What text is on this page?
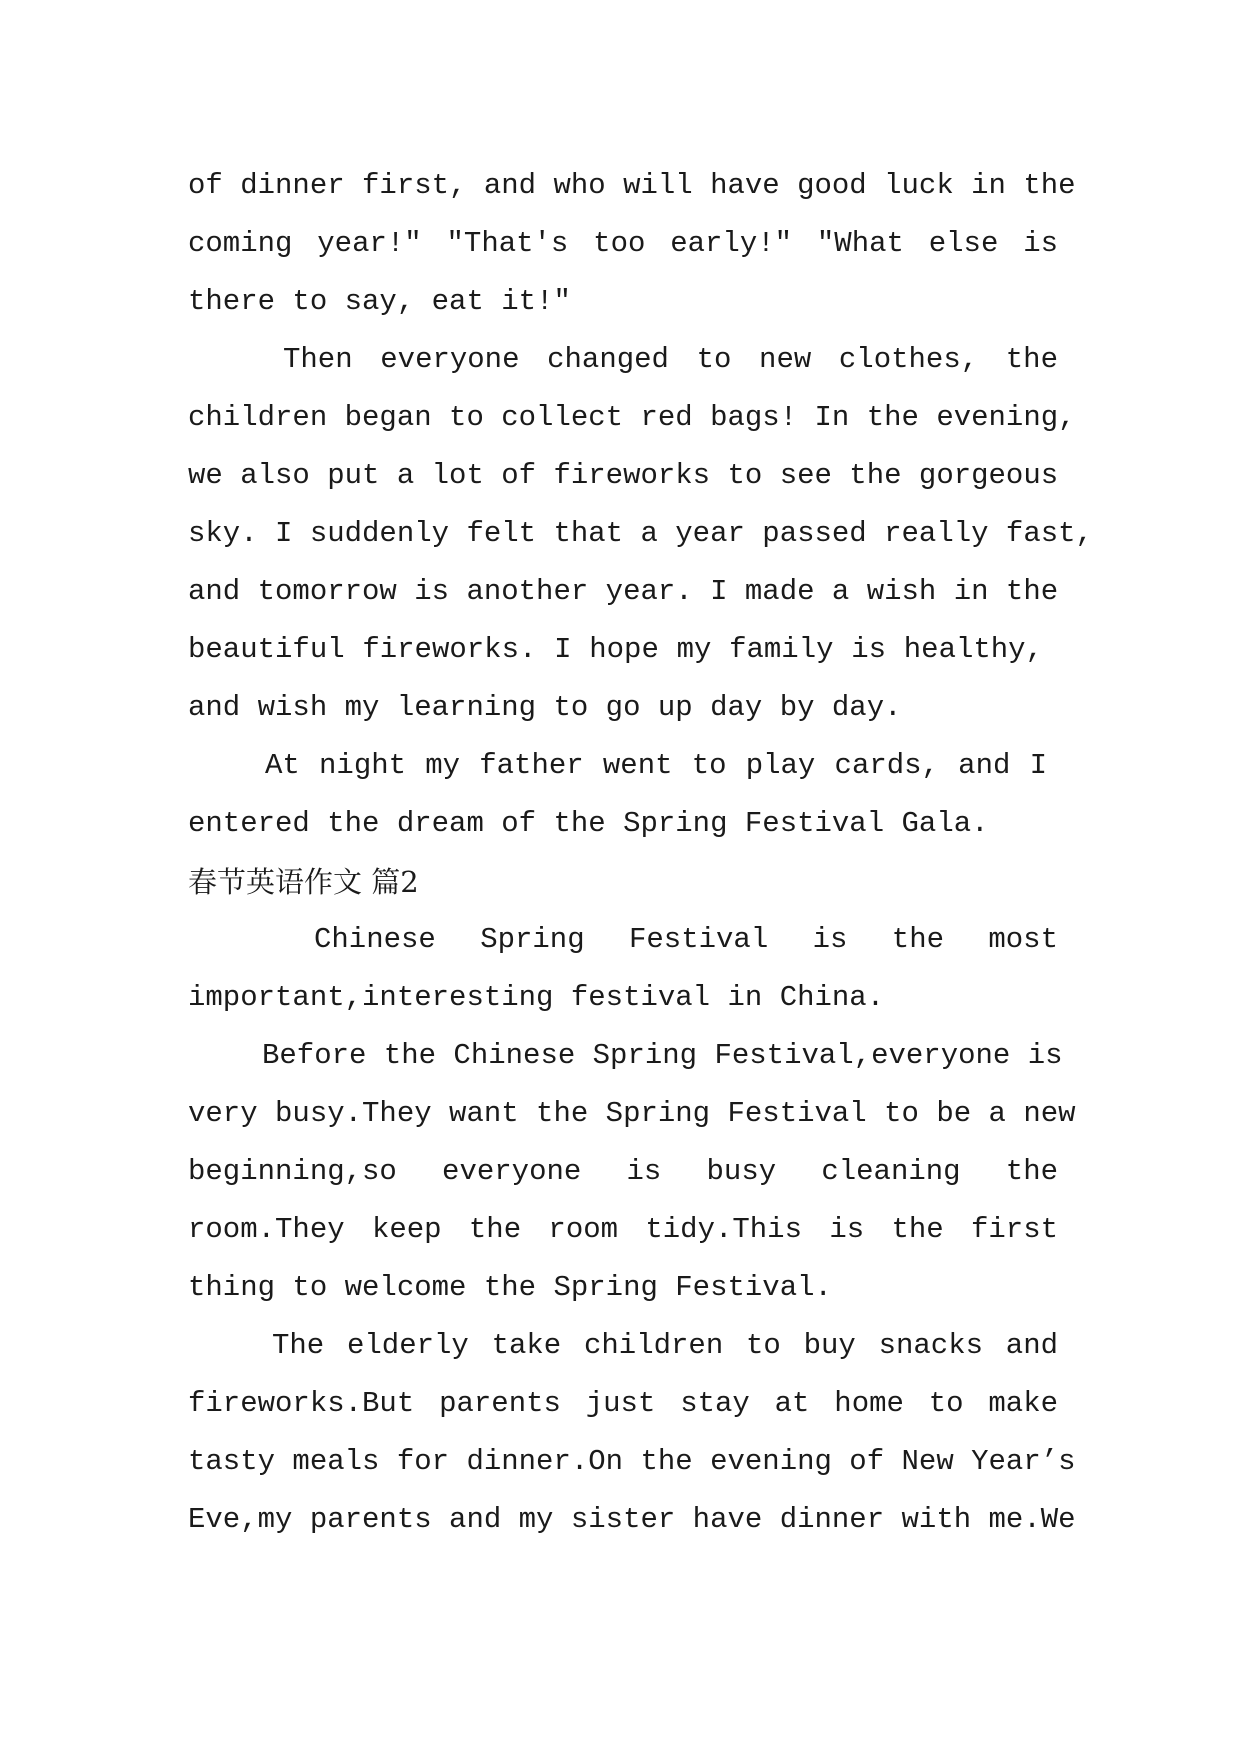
of dinner first, and who will have good luck in the
coming year!" "That's too early!" "What else is
there to say, eat it!"
Then everyone changed to new clothes, the
children began to collect red bags! In the evening,
we also put a lot of fireworks to see the gorgeous
sky. I suddenly felt that a year passed really fast,
and tomorrow is another year. I made a wish in the
beautiful fireworks. I hope my family is healthy,
and wish my learning to go up day by day.
At night my father went to play cards, and I
entered the dream of the Spring Festival Gala.
春节英语作文 篇2
Chinese Spring Festival is the most
important,interesting festival in China.
Before the Chinese Spring Festival,everyone is
very busy.They want the Spring Festival to be a new
beginning,so everyone is busy cleaning the
room.They keep the room tidy.This is the first
thing to welcome the Spring Festival.
The elderly take children to buy snacks and
fireworks.But parents just stay at home to make
tasty meals for dinner.On the evening of New Year’s
Eve,my parents and my sister have dinner with me.We
